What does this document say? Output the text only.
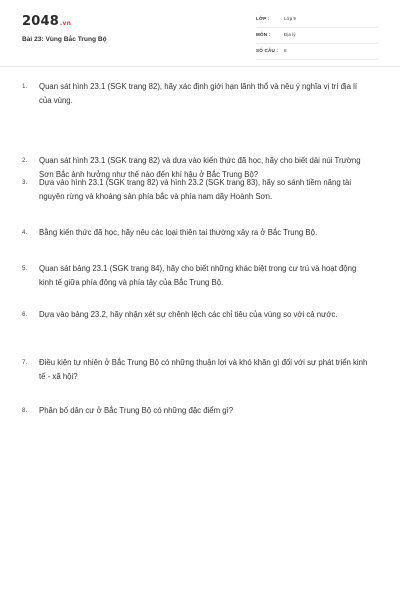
2048.vn
Bài 23: Vùng Bắc Trung Bộ
LỚP :	Lớp 9
MÔN :	Địa lý
SỐ CÂU : 8
1. Quan sát hình 23.1 (SGK trang 82), hãy xác định giới hạn lãnh thổ và nêu ý nghĩa vị trí địa lí của vùng.
2. Quan sát hình 23.1 (SGK trang 82) và dựa vào kiến thức đã học, hãy cho biết dải núi Trường Sơn Bắc ảnh hưởng như thế nào đến khí hậu ở Bắc Trung Bộ?
3. Dựa vào hình 23.1 (SGK trang 82) và hình 23.2 (SGK trang 83), hãy so sánh tiềm năng tài nguyên rừng và khoáng sản phía bắc và phía nam dãy Hoành Sơn.
4. Bằng kiến thức đã học, hãy nêu các loại thiên tai thường xảy ra ở Bắc Trung Bộ.
5. Quan sát bảng 23.1 (SGK trang 84), hãy cho biết những khác biệt trong cư trú và hoạt động kinh tế giữa phía đông và phía tây của Bắc Trung Bộ.
6. Dựa vào bảng 23.2, hãy nhận xét sự chênh lệch các chỉ tiêu của vùng so với cả nước.
7. Điều kiện tự nhiên ở Bắc Trung Bộ có những thuận lợi và khó khăn gì đối với sự phát triển kinh tế - xã hội?
8. Phân bố dân cư ở Bắc Trung Bộ có những đặc điểm gì?
